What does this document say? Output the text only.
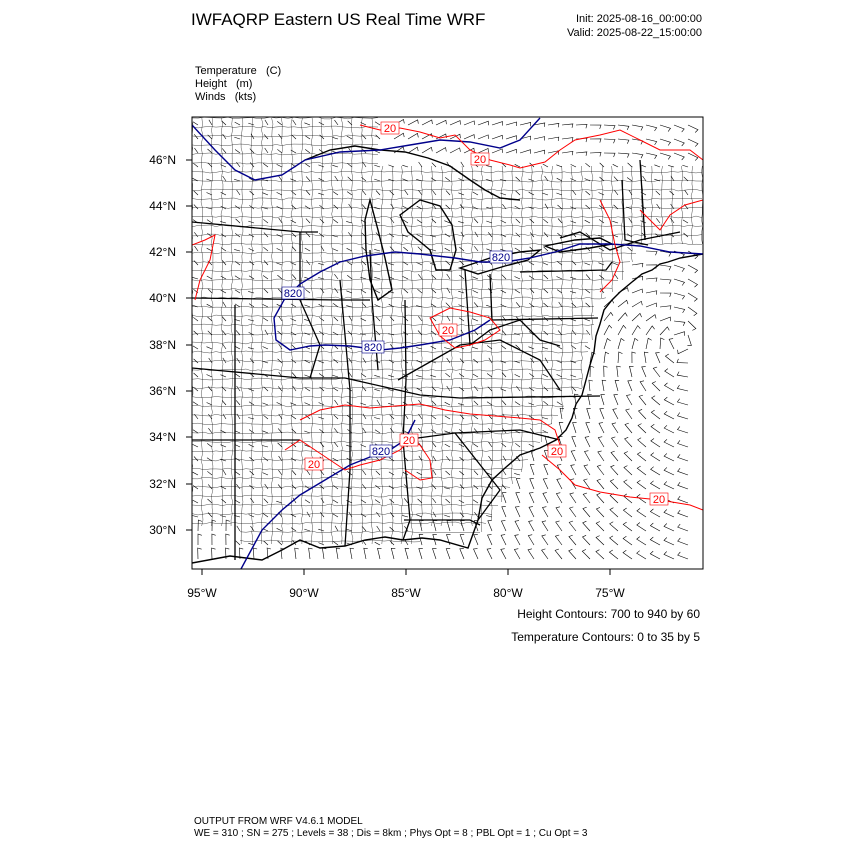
IWFAQRP Eastern US Real Time WRF	Init: 2025-08-16_00:00:00
Valid: 2025-08-22_15:00:00
Temperature (C)
Height (m)
Winds (kts)
820
820
820
820
20
20
20
20
20
20
20
46°N
44°N
42°N
40°N
38°N
36°N
34°N
32°N
30°N
95°W	90°W	85°W	80°W	75°W
Height Contours: 700 to 940 by 60
Temperature Contours: 0 to 35 by 5
OUTPUT FROM WRF V4.6.1 MODEL
WE = 310 ; SN = 275 ; Levels = 38 ; Dis = 8km ; Phys Opt = 8 ; PBL Opt = 1 ; Cu Opt = 3
